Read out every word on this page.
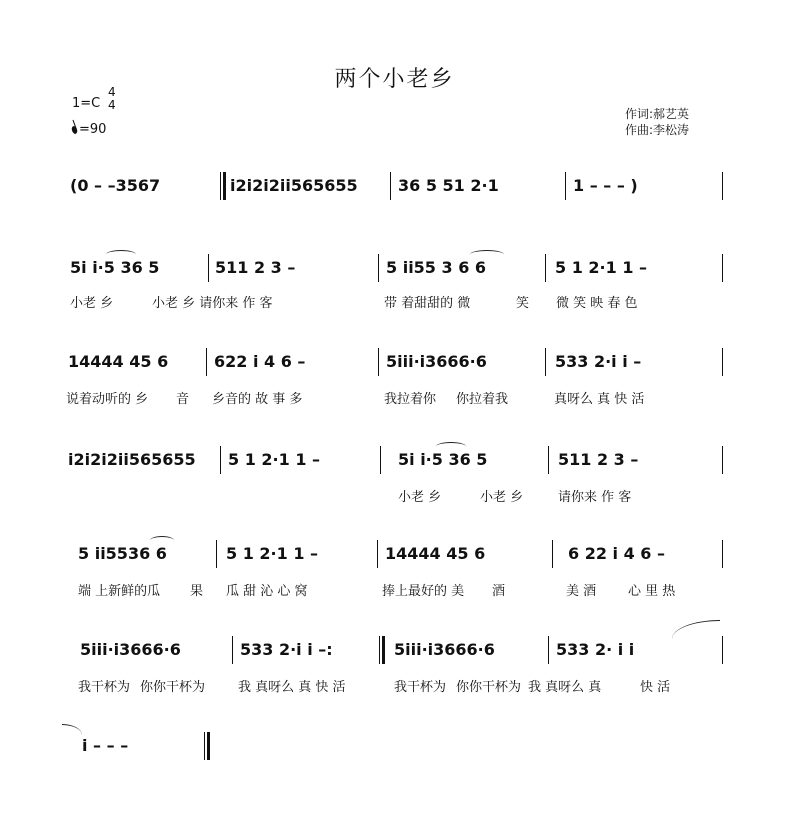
两个小老乡
1=C
4
4
=90
作词:郝艺英
作曲:李松涛
(0 – –3567	i2i2i2ii565655	36 5 51 2·1	1 – – – )
5i i·5 36 5	511 2 3 –	5 ii55 3 6 6	5 1 2·1 1 –
小老 乡	小老 乡 请你来 作 客	带 着甜甜的 微	笑 微 笑 映 春 色
14444 45 6	622 i 4 6 –	5iii·i3666·6	533 2·i i –
说着动听的 乡 音 乡音的 故 事 多	我拉着你 你拉着我	真呀么 真 快 活
i2i2i2ii565655 5 1 2·1 1 –	5i i·5 36 5	511 2 3 –
小老 乡	小老 乡	请你来 作 客
5 ii5536 6	5 1 2·1 1 –	14444 45 6	6 22 i 4 6 –
端 上新鲜的瓜 果 瓜 甜 沁 心 窝	捧上最好的 美 酒	美 酒 心 里 热
5iii·i3666·6	533 2·i i –:	5iii·i3666·6	533 2· i i
我干杯为 你你干杯为	我 真呀么 真 快 活	我干杯为 你你干杯为 我 真呀么 真	快 活
i – – –
